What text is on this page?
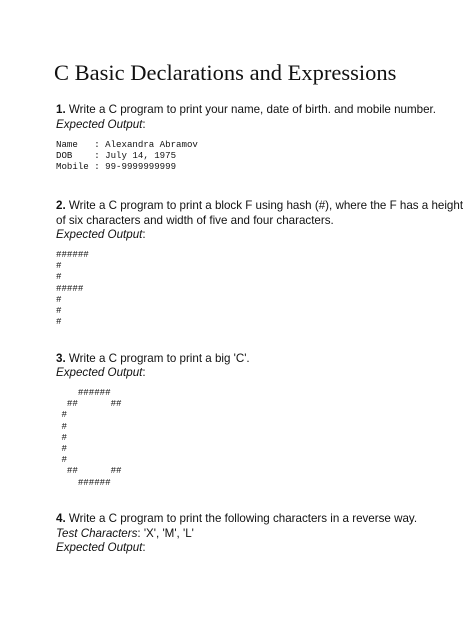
C Basic Declarations and Expressions

1. Write a C program to print your name, date of birth. and mobile number.

Expected Output:

Name   : Alexandra Abramov
DOB    : July 14, 1975
Mobile : 99-9999999999

2. Write a C program to print a block F using hash (#), where the F has a height

of six characters and width of five and four characters.

Expected Output:

######
#
#
#####
#
#
#

3. Write a C program to print a big 'C'.

Expected Output:

######
##      ##
#
#
#
#
#
##      ##
######

4. Write a C program to print the following characters in a reverse way.

Test Characters: 'X', 'M', 'L'

Expected Output:
